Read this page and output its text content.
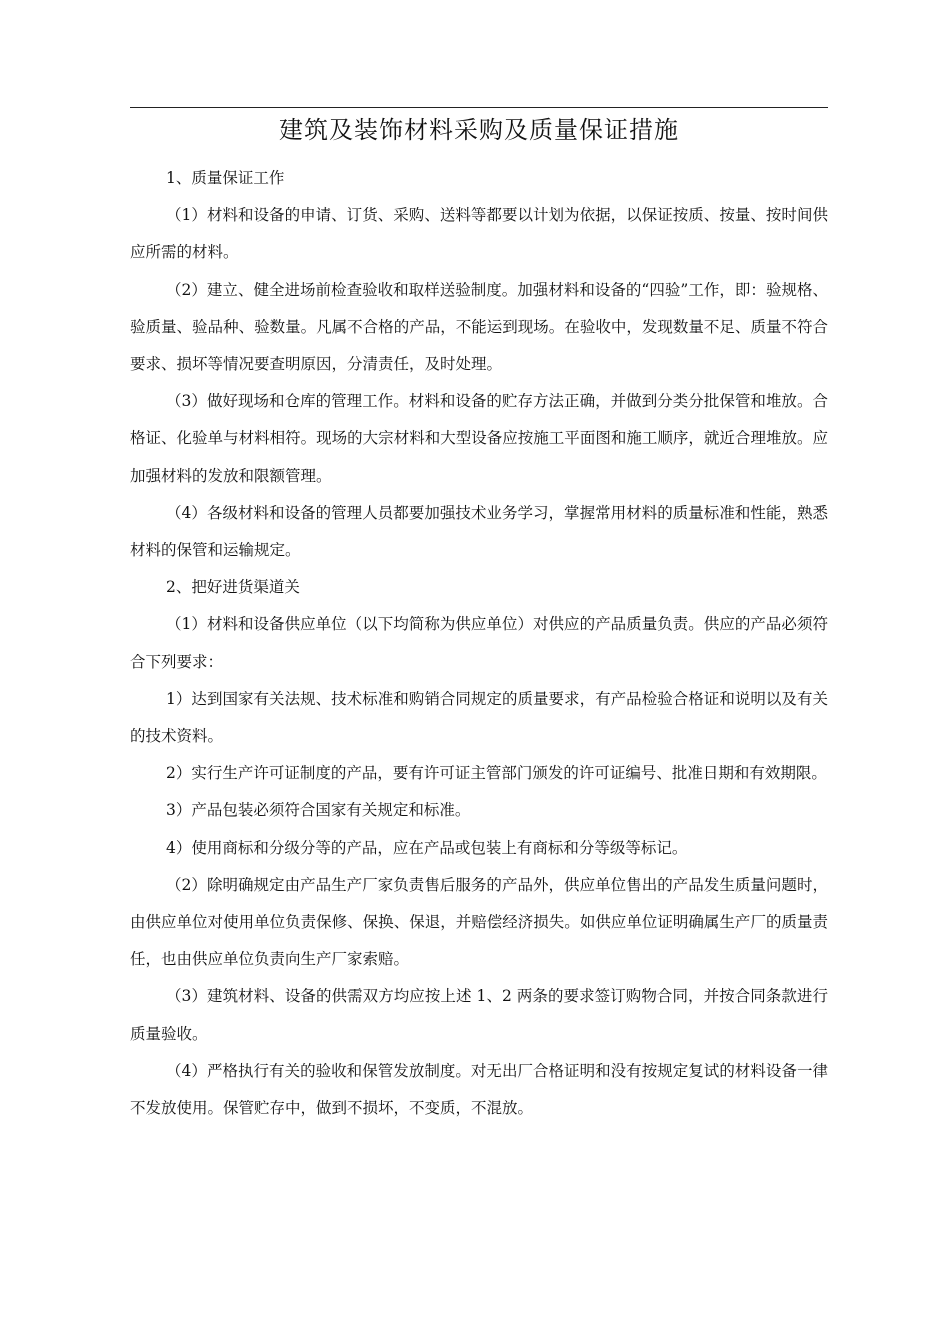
建筑及装饰材料采购及质量保证措施

1、质量保证工作

（1）材料和设备的申请、订货、采购、送料等都要以计划为依据，以保证按质、按量、按时间供应所需的材料。

（2）建立、健全进场前检查验收和取样送验制度。加强材料和设备的“四验”工作，即：验规格、验质量、验品种、验数量。凡属不合格的产品，不能运到现场。在验收中，发现数量不足、质量不符合要求、损坏等情况要查明原因，分清责任，及时处理。

（3）做好现场和仓库的管理工作。材料和设备的贮存方法正确，并做到分类分批保管和堆放。合格证、化验单与材料相符。现场的大宗材料和大型设备应按施工平面图和施工顺序，就近合理堆放。应加强材料的发放和限额管理。

（4）各级材料和设备的管理人员都要加强技术业务学习，掌握常用材料的质量标准和性能，熟悉材料的保管和运输规定。

2、把好进货渠道关

（1）材料和设备供应单位（以下均简称为供应单位）对供应的产品质量负责。供应的产品必须符合下列要求：

1）达到国家有关法规、技术标准和购销合同规定的质量要求，有产品检验合格证和说明以及有关的技术资料。

2）实行生产许可证制度的产品，要有许可证主管部门颁发的许可证编号、批准日期和有效期限。

3）产品包装必须符合国家有关规定和标准。

4）使用商标和分级分等的产品，应在产品或包装上有商标和分等级等标记。

（2）除明确规定由产品生产厂家负责售后服务的产品外，供应单位售出的产品发生质量问题时，由供应单位对使用单位负责保修、保换、保退，并赔偿经济损失。如供应单位证明确属生产厂的质量责任，也由供应单位负责向生产厂家索赔。

（3）建筑材料、设备的供需双方均应按上述 1、2 两条的要求签订购物合同，并按合同条款进行质量验收。

（4）严格执行有关的验收和保管发放制度。对无出厂合格证明和没有按规定复试的材料设备一律不发放使用。保管贮存中，做到不损坏，不变质，不混放。
